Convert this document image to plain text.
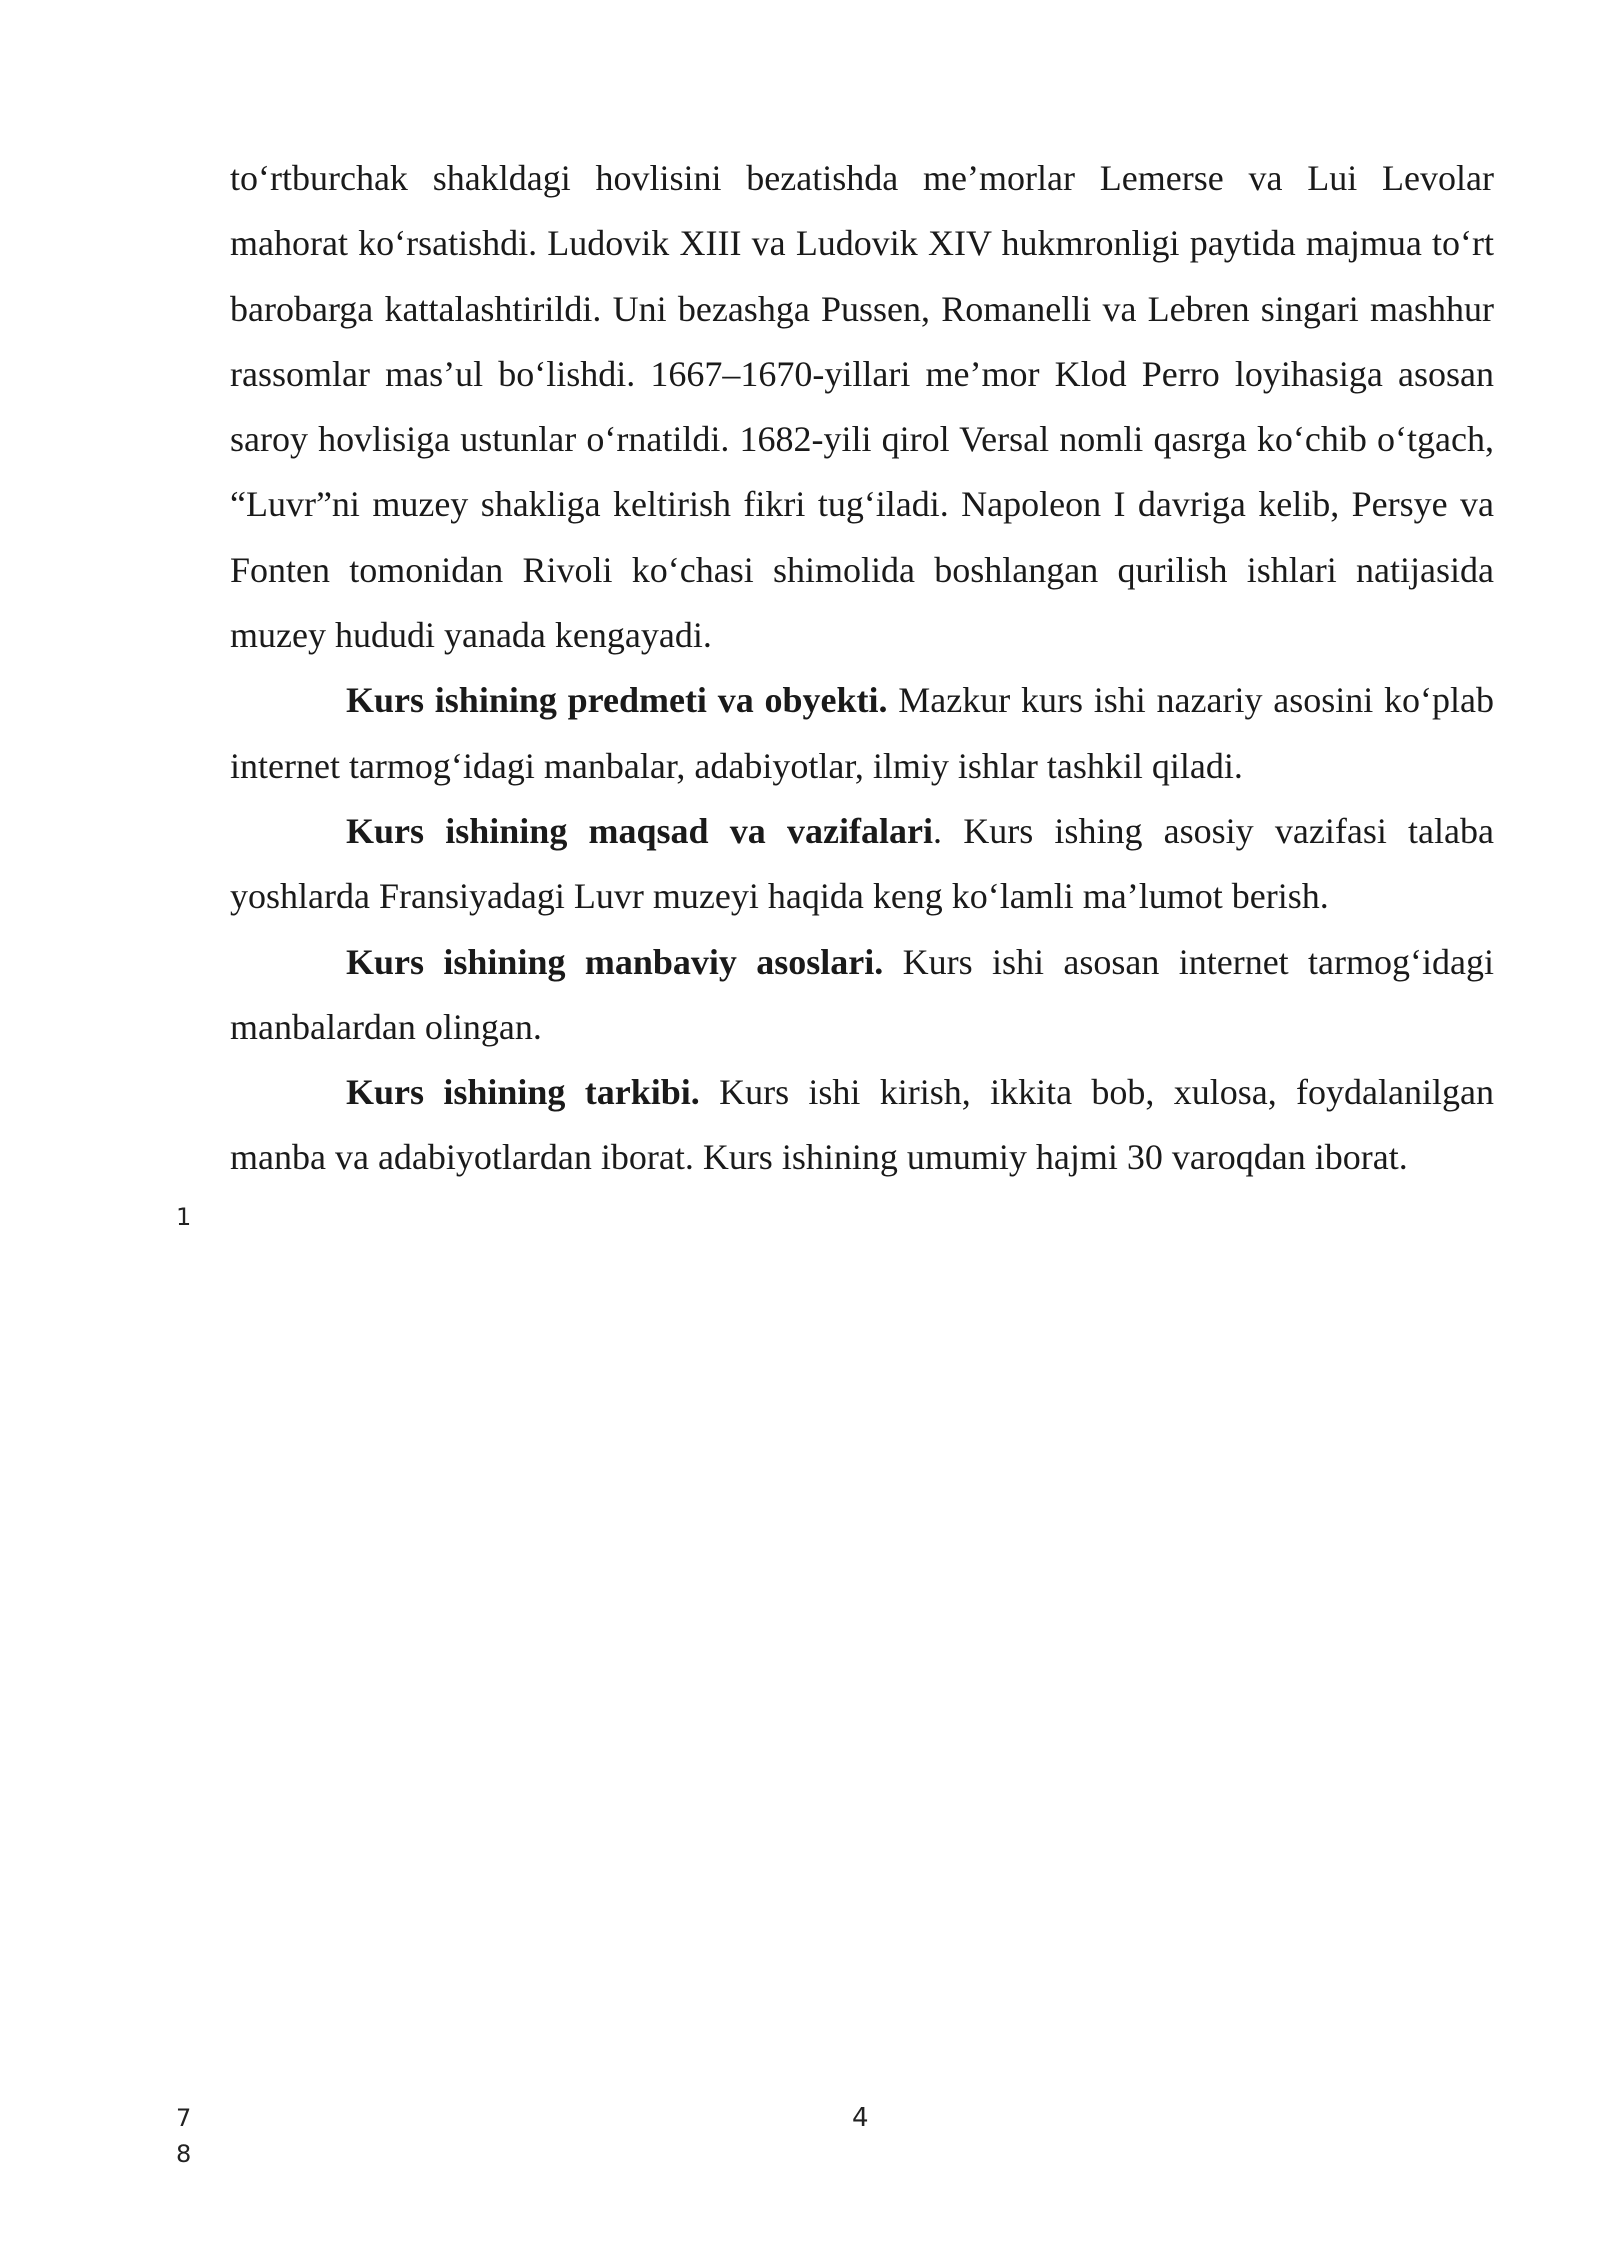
to‘rtburchak shakldagi hovlisini bezatishda me’morlar Lemerse va Lui Levolar mahorat ko‘rsatishdi. Ludovik XIII va Ludovik XIV hukmronligi paytida majmua to‘rt barobarga kattalashtirildi. Uni bezashga Pussen, Romanelli va Lebren singari mashhur rassomlar mas’ul bo‘lishdi. 1667–1670-yillari me’mor Klod Perro loyihasiga asosan saroy hovlisiga ustunlar o‘rnatildi. 1682-yili qirol Versal nomli qasrga ko‘chib o‘tgach, “Luvr”ni muzey shakliga keltirish fikri tug‘iladi. Napoleon I davriga kelib, Persye va Fonten tomonidan Rivoli ko‘chasi shimolida boshlangan qurilish ishlari natijasida muzey hududi yanada kengayadi.

Kurs ishining predmeti va obyekti. Mazkur kurs ishi nazariy asosini ko‘plab internet tarmog‘idagi manbalar, adabiyotlar, ilmiy ishlar tashkil qiladi.

Kurs ishining maqsad va vazifalari. Kurs ishing asosiy vazifasi talaba yoshlarda Fransiyadagi Luvr muzeyi haqida keng ko‘lamli ma’lumot berish.

Kurs ishining manbaviy asoslari. Kurs ishi asosan internet tarmog‘idagi manbalardan olingan.

Kurs ishining tarkibi. Kurs ishi kirish, ikkita bob, xulosa, foydalanilgan manba va adabiyotlardan iborat. Kurs ishining umumiy hajmi 30 varoqdan iborat.

1
7
8
4
